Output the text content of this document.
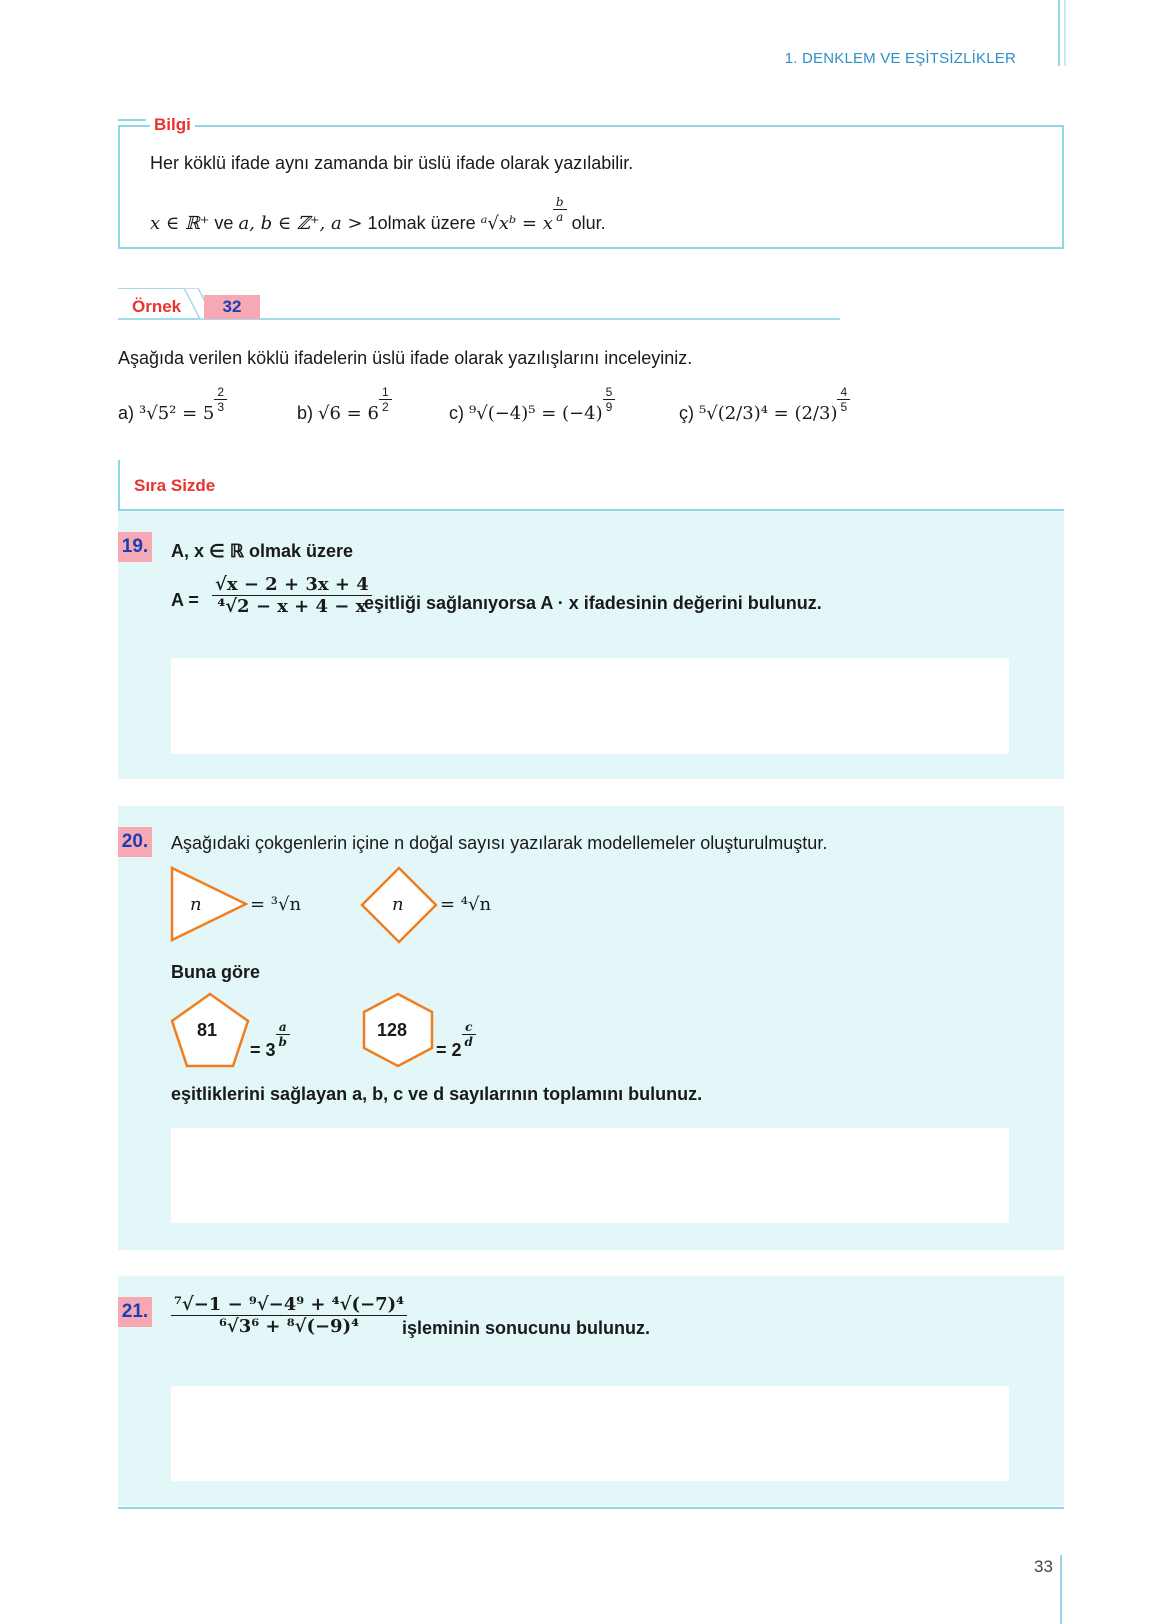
1. DENKLEM VE EŞİTSİZLİKLER
Bilgi
Her köklü ifade aynı zamanda bir üslü ifade olarak yazılabilir.
x ∈ ℝ⁺ ve a, b ∈ ℤ⁺, a > 1olmak üzere ᵃ√xᵇ = x $\frac{b}{a}$ olur.
Örnek	32
Aşağıda verilen köklü ifadelerin üslü ifade olarak yazılışlarını inceleyiniz.
a) $^3√5^2 = 5 \frac{2}{3}$	b) $√6 = 6 \frac{1}{2}$	c) $^9√(-4)^5 = (-4) \frac{5}{9}$	ç) $^5√(2/3)^4 = (2/3) \frac{4}{5}$
Sıra Sizde
19. A, x ∈ ℝ olmak üzere
$A = \frac{√x - 2 + 3x + 4}{\text{⁴√2 − x + 4 − x}}$
eşitliği sağlanıyorsa A · x ifadesinin değerini bulunuz.
20. Aşağıdaki çokgenlerin içine n doğal sayısı yazılarak modellemeler oluşturulmuştur.
n	= ³√n	n = ⁴√n
Buna göre
81
= 3
$\frac{a}{b}$	128
= 2
$\frac{c}{d}$
eşitliklerini sağlayan a, b, c ve d sayılarının toplamını bulunuz.
21. $\frac{\text{⁷√−1 − ⁹√−4⁹ + ⁴√(−7)⁴}}{\text{⁶√3⁶ + ⁸√(−9)⁴}}$
işleminin sonucunu bulunuz.
33
